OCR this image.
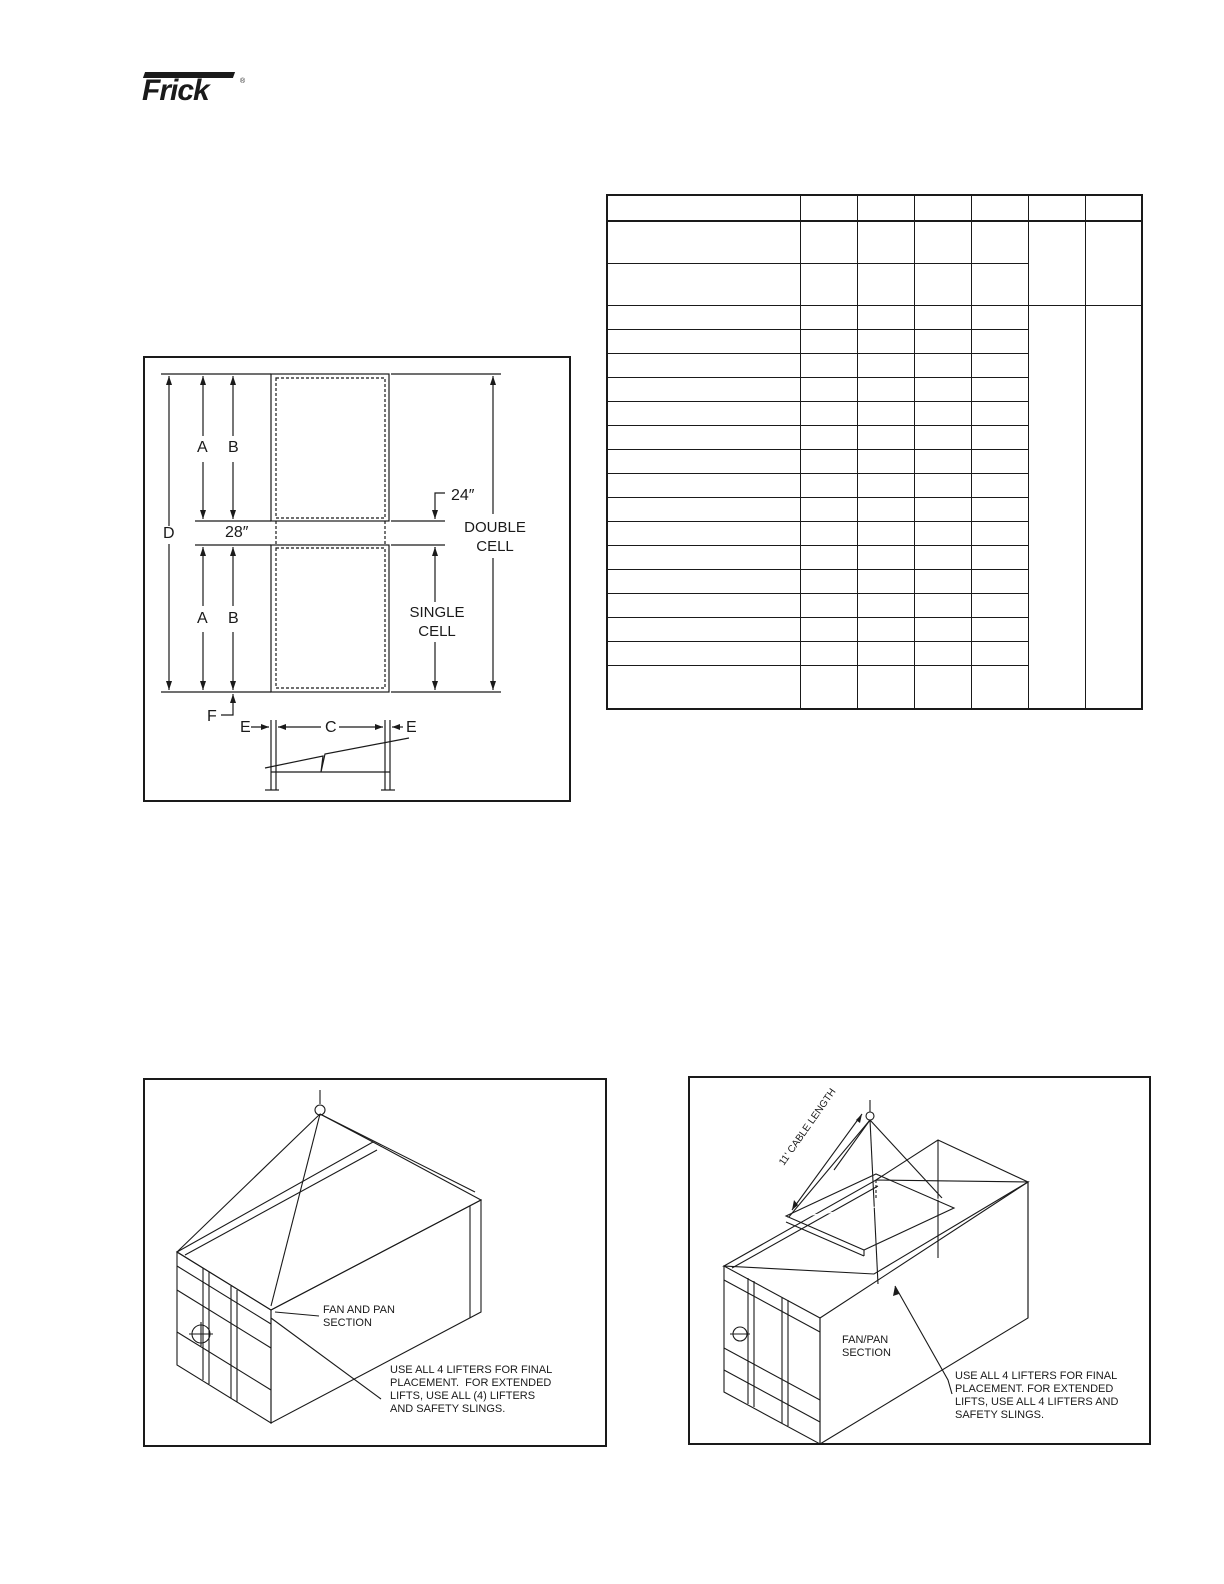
Frick	®
A B
D	28″
24″
DOUBLE
CELL
SINGLE
CELL
A B
F
E	C	E

FAN AND PAN
SECTION
USE ALL 4 LIFTERS FOR FINAL
PLACEMENT.  FOR EXTENDED
LIFTS, USE ALL (4) LIFTERS
AND SAFETY SLINGS.
11' CABLE LENGTH
FAN/PAN
SECTION
USE ALL 4 LIFTERS FOR FINAL
PLACEMENT. FOR EXTENDED
LIFTS, USE ALL 4 LIFTERS AND
SAFETY SLINGS.
